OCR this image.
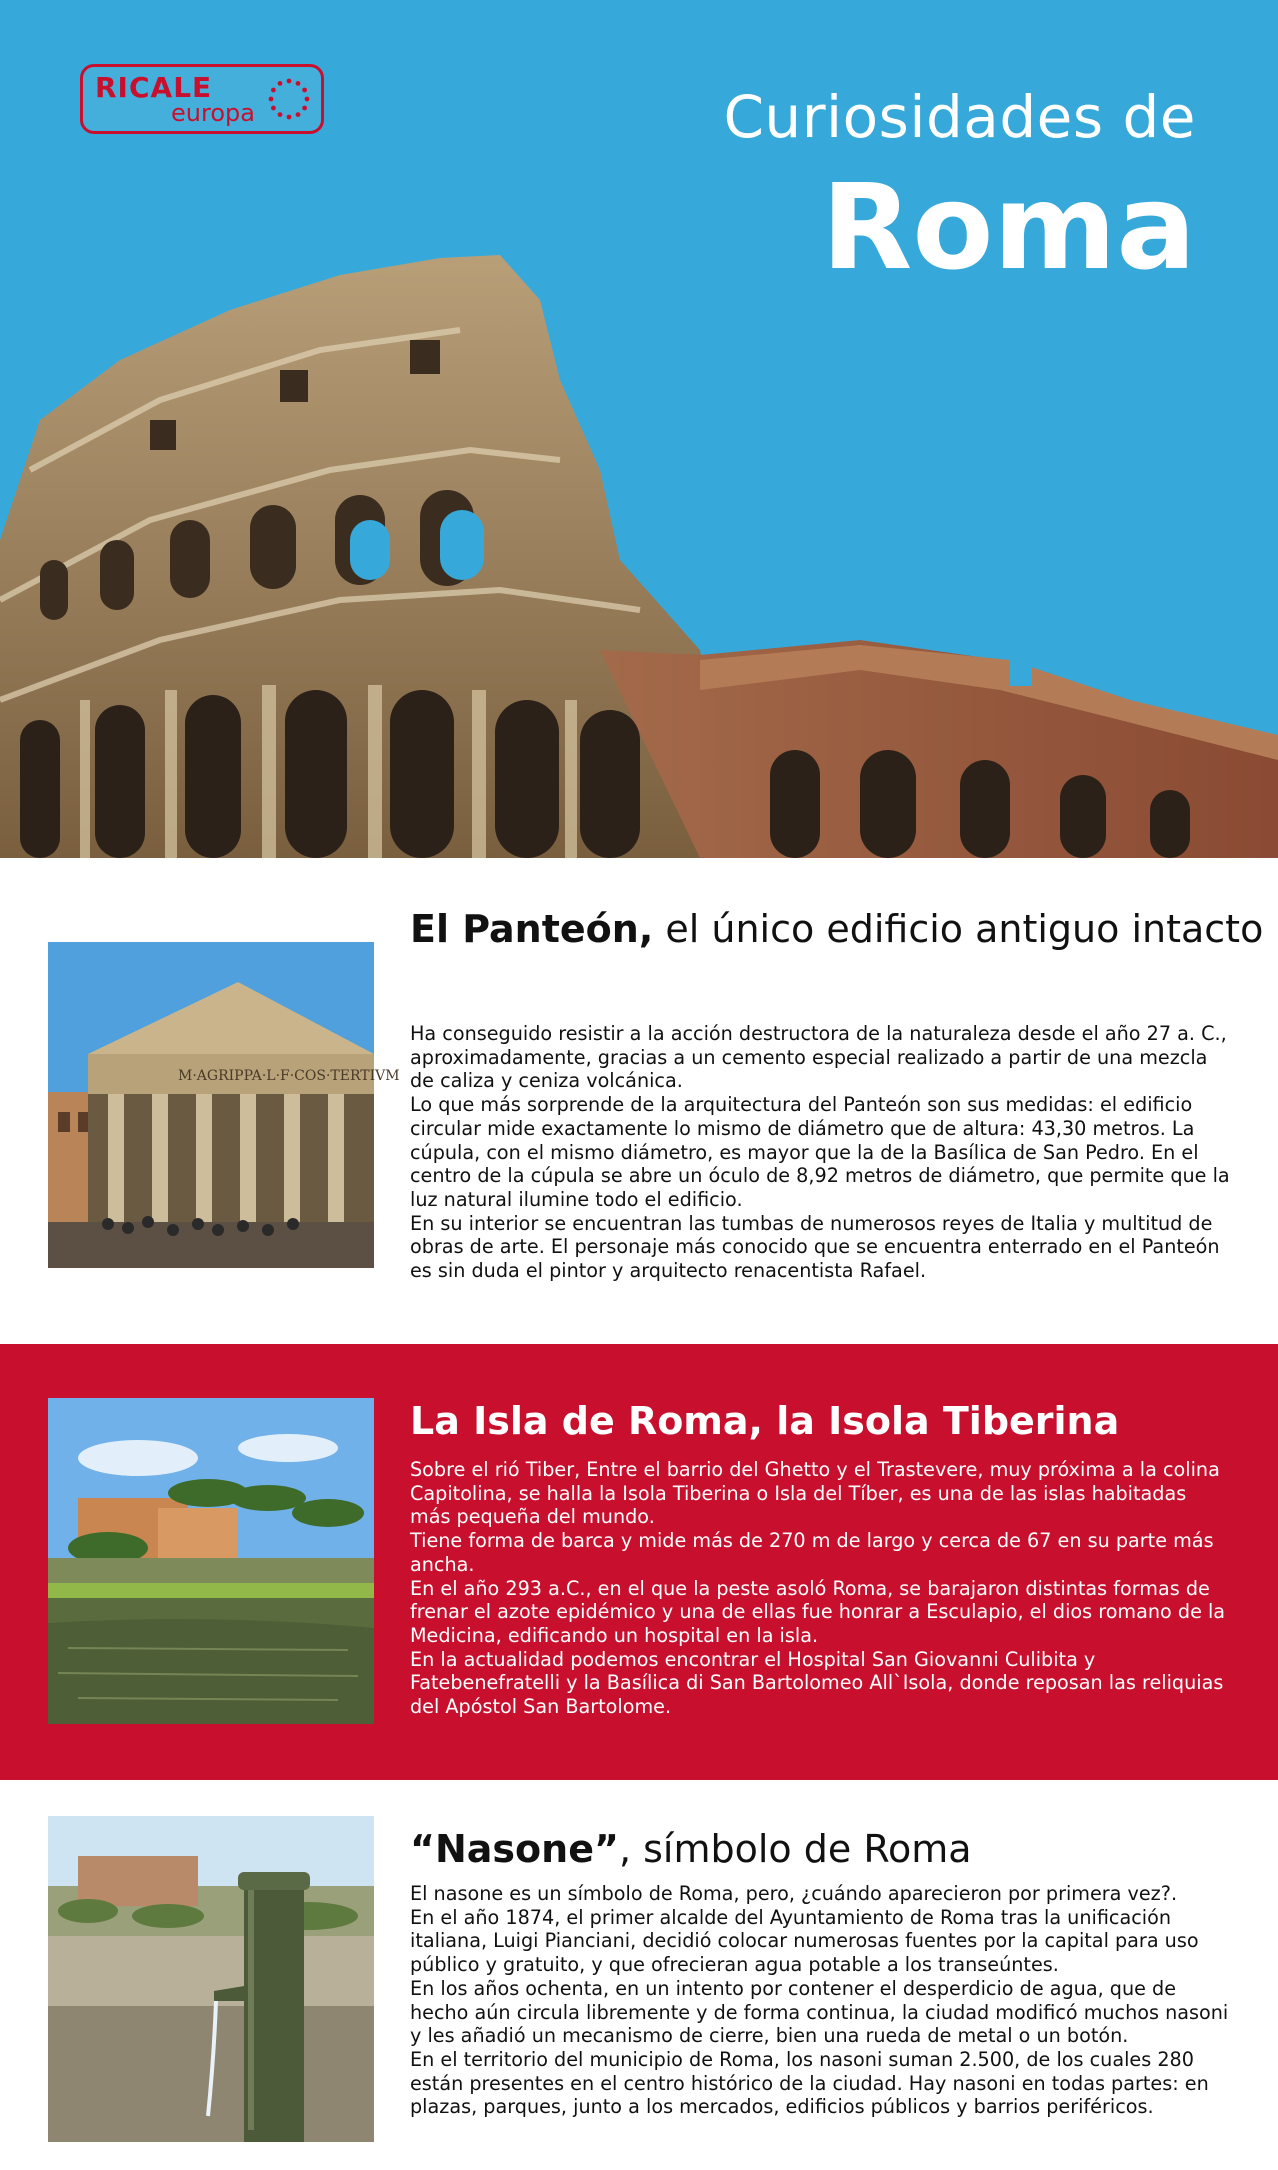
RICALE
europa	Curiosidades de
Roma
M·AGRIPPA·L·F·COS·TERTIVM
El Panteón, el único edificio antiguo intacto

Ha conseguido resistir a la acción destructora de la naturaleza desde el año 27 a. C., aproximadamente, gracias a un cemento especial realizado a partir de una mezcla de caliza y ceniza volcánica.

Lo que más sorprende de la arquitectura del Panteón son sus medidas: el edificio circular mide exactamente lo mismo de diámetro que de altura: 43,30 metros. La cúpula, con el mismo diámetro, es mayor que la de la Basílica de San Pedro. En el centro de la cúpula se abre un óculo de 8,92 metros de diámetro, que permite que la luz natural ilumine todo el edificio.

En su interior se encuentran las tumbas de numerosos reyes de Italia y multitud de obras de arte. El personaje más conocido que se encuentra enterrado en el Panteón es sin duda el pintor y arquitecto renacentista Rafael.

La Isla de Roma, la Isola Tiberina

Sobre el rió Tiber, Entre el barrio del Ghetto y el Trastevere, muy próxima a la colina Capitolina, se halla la Isola Tiberina o Isla del Tíber, es una de las islas habitadas más pequeña del mundo.

Tiene forma de barca y mide más de 270 m de largo y cerca de 67 en su parte más ancha.

En el año 293 a.C., en el que la peste asoló Roma, se barajaron distintas formas de frenar el azote epidémico y una de ellas fue honrar a Esculapio, el dios romano de la Medicina, edificando un hospital en la isla.

En la actualidad podemos encontrar el Hospital San Giovanni Culibita y Fatebenefratelli y la Basílica di San Bartolomeo All`Isola, donde reposan las reliquias del Apóstol San Bartolome.

“Nasone”, símbolo de Roma

El nasone es un símbolo de Roma, pero, ¿cuándo aparecieron por primera vez?.

En el año 1874, el primer alcalde del Ayuntamiento de Roma tras la unificación italiana, Luigi Pianciani, decidió colocar numerosas fuentes por la capital para uso público y gratuito, y que ofrecieran agua potable a los transeúntes.

En los años ochenta, en un intento por contener el desperdicio de agua, que de hecho aún circula libremente y de forma continua, la ciudad modificó muchos nasoni y les añadió un mecanismo de cierre, bien una rueda de metal o un botón.

En el territorio del municipio de Roma, los nasoni suman 2.500, de los cuales 280 están presentes en el centro histórico de la ciudad. Hay nasoni en todas partes: en plazas, parques, junto a los mercados, edificios públicos y barrios periféricos.
